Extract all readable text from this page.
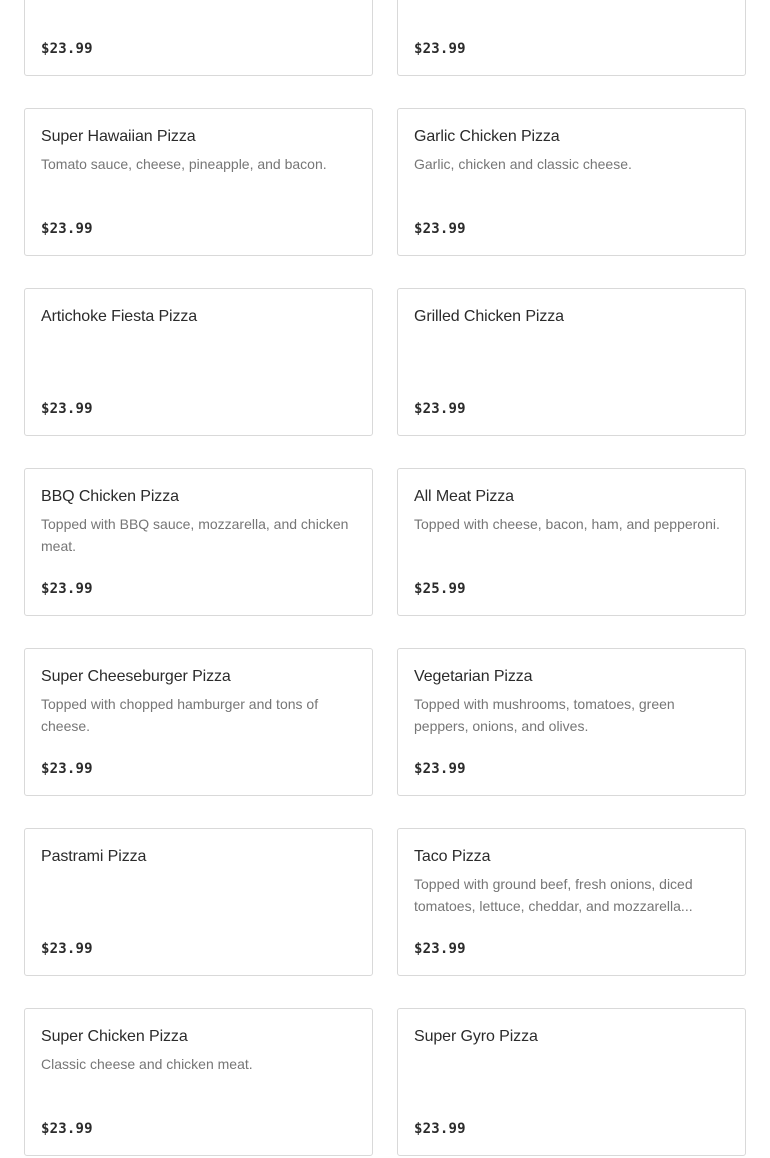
$23.99	$23.99
Super Hawaiian Pizza
Tomato sauce, cheese, pineapple, and bacon.
$23.99
Garlic Chicken Pizza
Garlic, chicken and classic cheese.
$23.99
Artichoke Fiesta Pizza
$23.99
Grilled Chicken Pizza
$23.99
BBQ Chicken Pizza
Topped with BBQ sauce, mozzarella, and chicken meat.
$23.99
All Meat Pizza
Topped with cheese, bacon, ham, and pepperoni.
$25.99
Super Cheeseburger Pizza
Topped with chopped hamburger and tons of cheese.
$23.99
Vegetarian Pizza
Topped with mushrooms, tomatoes, green peppers, onions, and olives.
$23.99
Pastrami Pizza
$23.99
Taco Pizza
Topped with ground beef, fresh onions, diced tomatoes, lettuce, cheddar, and mozzarella...
$23.99
Super Chicken Pizza
Classic cheese and chicken meat.
$23.99
Super Gyro Pizza
$23.99
